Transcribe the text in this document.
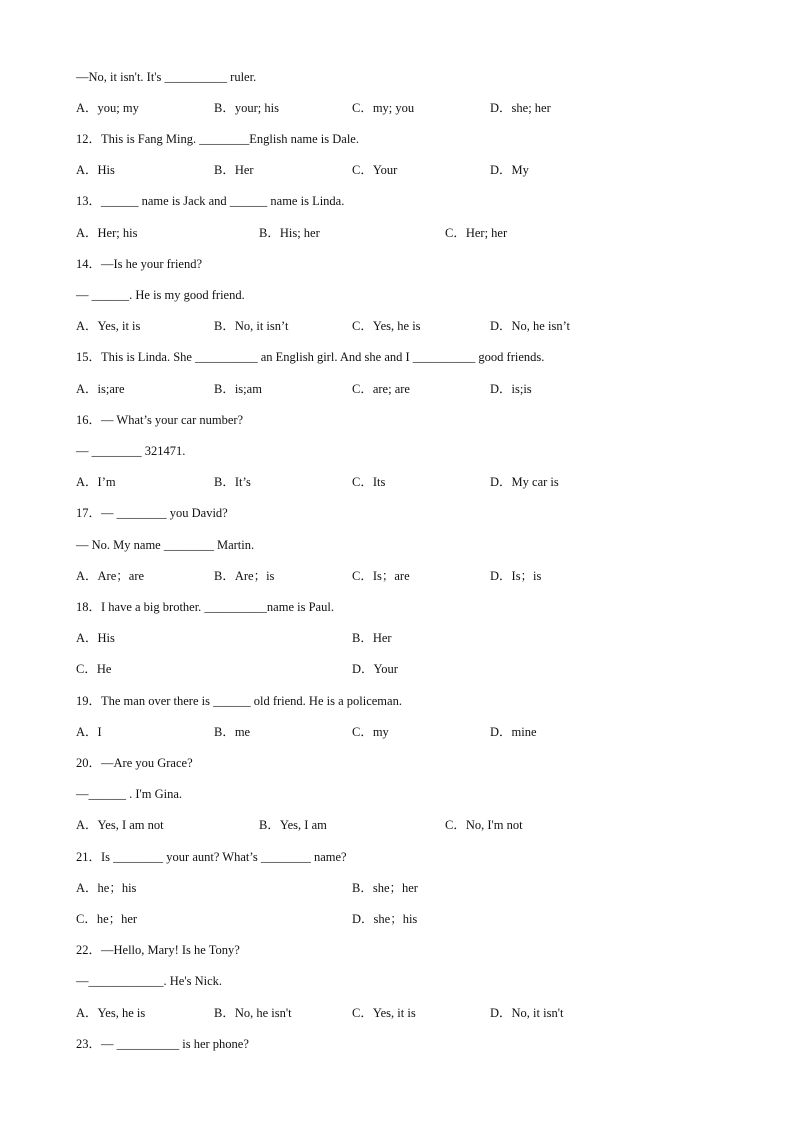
—No, it isn't. It's __________ ruler.
A．you; my	B．your; his	C．my; you	D．she; her
12．This is Fang Ming. ________English name is Dale.
A．His	B．Her	C．Your	D．My
13．______ name is Jack and ______ name is Linda.
A．Her; his	B．His; her	C．Her; her
14．—Is he your friend?
— ______. He is my good friend.
A．Yes, it is	B．No, it isn’t	C．Yes, he is	D．No, he isn’t
15．This is Linda. She __________ an English girl. And she and I __________ good friends.
A．is;are	B．is;am	C．are; are	D．is;is
16．— What’s your car number?
— ________ 321471.
A．I’m	B．It’s	C．Its	D．My car is
17．— ________ you David?
— No. My name ________ Martin.
A．Are；are	B．Are；is	C．Is；are	D．Is；is
18．I have a big brother. __________name is Paul.
A．His	B．Her
C．He	D．Your
19．The man over there is ______ old friend. He is a policeman.
A．I	B．me	C．my	D．mine
20．—Are you Grace?
—______ . I'm Gina.
A．Yes, I am not	B．Yes, I am	C．No, I'm not
21．Is ________ your aunt? What’s ________ name?
A．he；his	B．she；her
C．he；her	D．she；his
22．—Hello, Mary! Is he Tony?
—____________. He's Nick.
A．Yes, he is	B．No, he isn't	C．Yes, it is	D．No, it isn't
23．— __________ is her phone?
